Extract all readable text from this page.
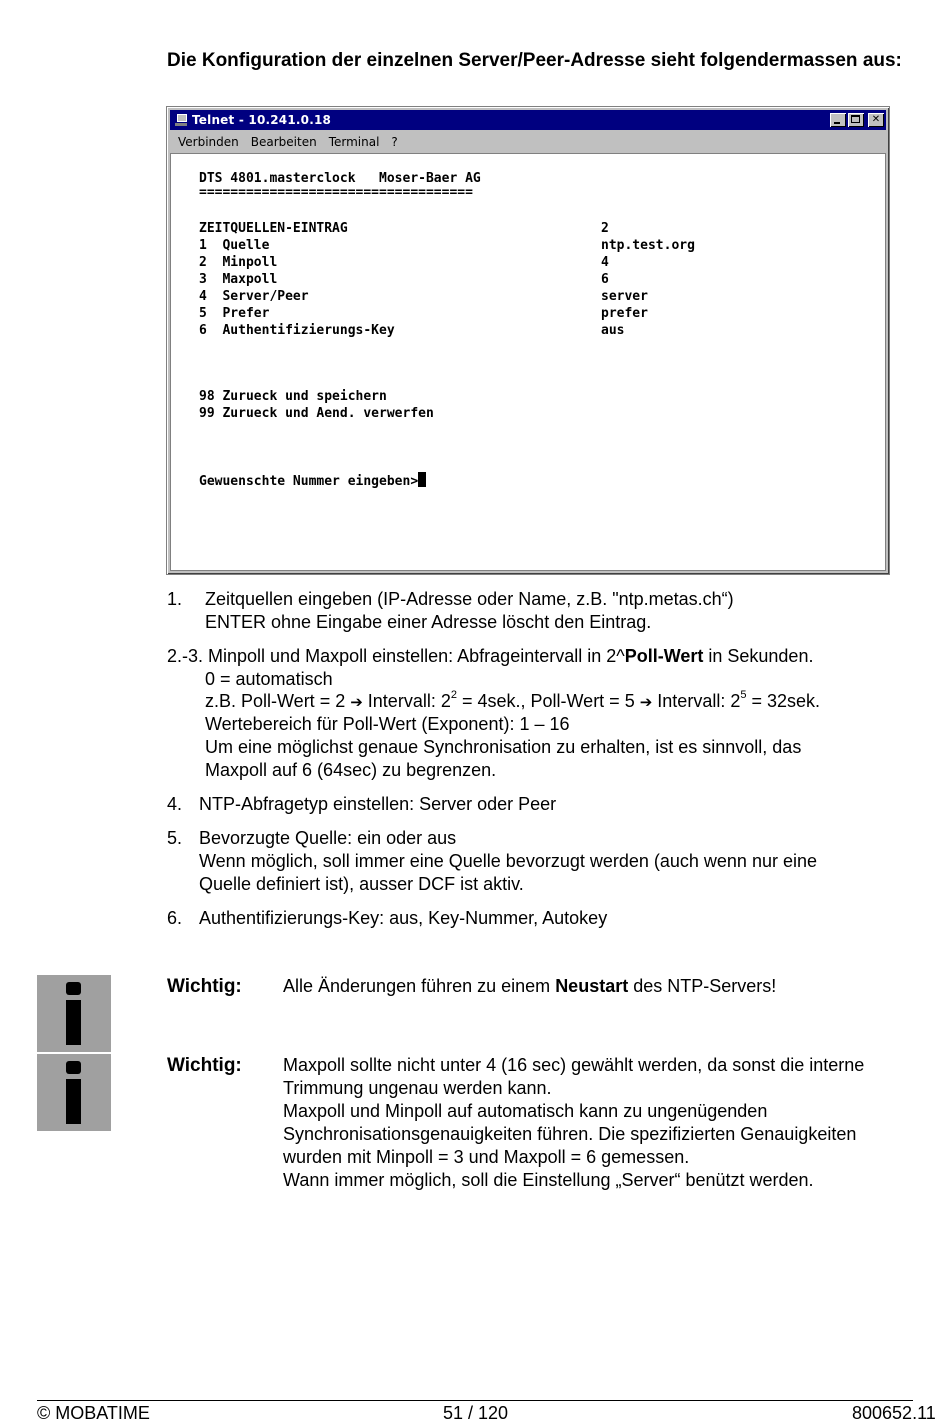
Die Konfiguration der einzelnen Server/Peer-Adresse sieht folgendermassen aus:
Telnet - 10.241.0.18	✕
Verbinden Bearbeiten Terminal ?
DTS 4801.masterclock   Moser-Baer AG
===================================
ZEITQUELLEN-EINTRAG	2
1  Quelle	ntp.test.org
2  Minpoll	4
3  Maxpoll	6
4  Server/Peer	server
5  Prefer	prefer
6  Authentifizierungs-Key	aus
98 Zurueck und speichern
99 Zurueck und Aend. verwerfen
Gewuenschte Nummer eingeben>
1. Zeitquellen eingeben (IP-Adresse oder Name, z.B. "ntp.metas.ch“)
ENTER ohne Eingabe einer Adresse löscht den Eintrag.
2.-3. Minpoll und Maxpoll einstellen: Abfrageintervall in 2^Poll-Wert in Sekunden.
0 = automatisch
z.B. Poll-Wert = 2 ➔ Intervall: $2^2 = 4sek$., Poll-Wert = 5 ➔ Intervall: $2^5 = 32sek$.
Wertebereich für Poll-Wert (Exponent): 1 – 16
Um eine möglichst genaue Synchronisation zu erhalten, ist es sinnvoll, das
Maxpoll auf 6 (64sec) zu begrenzen.
4. NTP-Abfragetyp einstellen: Server oder Peer
5. Bevorzugte Quelle: ein oder aus
Wenn möglich, soll immer eine Quelle bevorzugt werden (auch wenn nur eine
Quelle definiert ist), ausser DCF ist aktiv.
6. Authentifizierungs-Key: aus, Key-Nummer, Autokey
Wichtig: Alle Änderungen führen zu einem Neustart des NTP-Servers!
Wichtig: Maxpoll sollte nicht unter 4 (16 sec) gewählt werden, da sonst die interne
Trimmung ungenau werden kann.
Maxpoll und Minpoll auf automatisch kann zu ungenügenden
Synchronisationsgenauigkeiten führen. Die spezifizierten Genauigkeiten
wurden mit Minpoll = 3 und Maxpoll = 6 gemessen.
Wann immer möglich, soll die Einstellung „Server“ benützt werden.
© MOBATIME	51 / 120	800652.11
